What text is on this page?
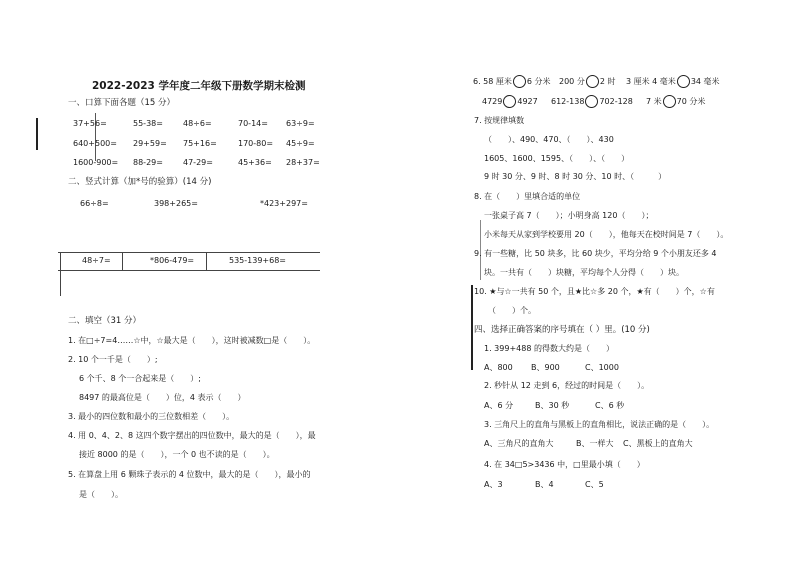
2022-2023 学年度二年级下册数学期末检测
一、口算下面各题（15 分）
37+56=	55-38=	48÷6=	70-14= 63÷9=
640+500= 29+59= 75+16=	170-80= 45÷9=
1600-900= 88-29=	47-29=	45+36= 28+37=
二、竖式计算（加*号的验算）(14 分)
66÷8=	398+265=	*423+297=
48÷7=	*806-479=	535-139+68=
二、填空（31 分）
1. 在□÷7=4……☆中，☆最大是（　　），这时被减数□是（　　）。
2. 10 个一千是（　　）;
6 个千、8 个一合起来是（　　）;
8497 的最高位是（　　）位，4 表示（　　）
3. 最小的四位数和最小的三位数相差（　　）。
4. 用 0、4、2、8 这四个数字摆出的四位数中，最大的是（　　），最
接近 8000 的是（　　），一个 0 也不读的是（　　）。
5. 在算盘上用 6 颗珠子表示的 4 位数中，最大的是（　　），最小的
是（　　）。
6. 58 厘米 6 分米 200 分 2 时 3 厘米 4 毫米 34 毫米
4729 4927 612-138 702-128 7 米 70 分米
7. 按规律填数
（　　）、490、470、（　　）、430
1605、1600、1595、（　　）、（　　）
9 时 30 分、9 时、8 时 30 分、10 时、（　　　）
8. 在（　　）里填合适的单位
一张桌子高 7（　　）；小明身高 120（　　）；
小米每天从家到学校要用 20（　　），他每天在校时间是 7（　　）。
9. 有一些糖，比 50 块多，比 60 块少，平均分给 9 个小朋友还多 4
块。一共有（　　）块糖，平均每个人分得（　　）块。
10. ★与☆一共有 50 个，且★比☆多 20 个，★有（　　）个，☆有
（　　）个。
四、选择正确答案的序号填在（ ）里。(10 分)
1. 399+488 的得数大约是（　　）
A、800 B、900	C、1000
2. 秒针从 12 走到 6，经过的时间是（　　）。
A、6 分	B、30 秒	C、6 秒
3. 三角尺上的直角与黑板上的直角相比，说法正确的是（　　）。
A、三角尺的直角大	B、一样大 C、黑板上的直角大
4. 在 34□5>3436 中，□里最小填（　　）
A、3	B、4	C、5
